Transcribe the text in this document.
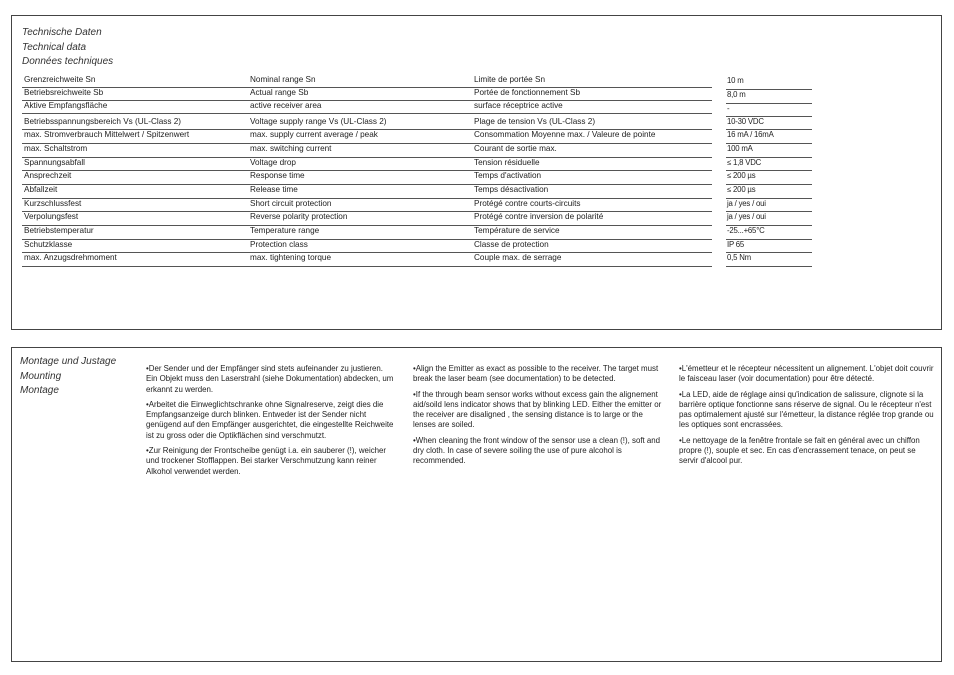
Technische Daten
Technical data
Données techniques
Grenzreichweite Sn	Nominal range Sn	Limite de portée Sn	10 m
Betriebsreichweite Sb	Actual range Sb	Portée de fonctionnement Sb	8,0 m
Aktive Empfangsfläche	active receiver area	surface réceptrice active	-
Betriebsspannungsbereich Vs (UL-Class 2)	Voltage supply range Vs (UL-Class 2)	Plage de tension Vs (UL-Class 2)	10-30 VDC
max. Stromverbrauch Mittelwert / Spitzenwert	max. supply current average / peak	Consommation Moyenne max. / Valeure de pointe	16 mA / 16mA
max. Schaltstrom	max. switching current	Courant de sortie max.	100 mA
Spannungsabfall	Voltage drop	Tension résiduelle	≤ 1,8 VDC
Ansprechzeit	Response time	Temps d'activation	≤ 200 µs
Abfallzeit	Release time	Temps désactivation	≤ 200 µs
Kurzschlussfest	Short circuit protection	Protégé contre courts-circuits	ja / yes / oui
Verpolungsfest	Reverse polarity protection	Protégé contre inversion de polarité	ja / yes / oui
Betriebstemperatur	Temperature range	Température de service	-25...+65°C
Schutzklasse	Protection class	Classe de protection	IP 65
max. Anzugsdrehmoment	max. tightening torque	Couple max. de serrage	0,5 Nm
Montage und Justage
Mounting
Montage

•Der Sender und der Empfänger sind stets aufeinander zu justieren. Ein Objekt muss den Laserstrahl (siehe Dokumentation) abdecken, um erkannt zu werden.

•Arbeitet die Einweglichtschranke ohne Signalreserve, zeigt dies die Empfangsanzeige durch blinken. Entweder ist der Sender nicht genügend auf den Empfänger ausgerichtet, die eingestellte Reichweite ist zu gross oder die Optikflächen sind verschmutzt.

•Zur Reinigung der Frontscheibe genügt i.a. ein sauberer (!), weicher und trockener Stofflappen. Bei starker Verschmutzung kann reiner Alkohol verwendet werden.

•Align the Emitter as exact as possible to the receiver. The target must break the laser beam (see documentation) to be detected.

•If the through beam sensor works without excess gain the alignement aid/soild lens indicator shows that by blinking LED. Either the emitter or the receiver are disaligned , the sensing distance is to large or the lenses are soiled.

•When cleaning the front window of the sensor use a clean (!), soft and dry cloth. In case of severe soiling the use of pure alcohol is recommended.

•L'émetteur et le récepteur nécessitent un alignement. L'objet doit couvrir le faisceau laser (voir documentation) pour être détecté.

•La LED, aide de réglage ainsi qu'indication de salissure, clignote si la barrière optique fonctionne sans réserve de signal. Ou le récepteur n'est pas optimalement ajusté sur l'émetteur, la distance réglée trop grande ou les optiques sont encrassées.

•Le nettoyage de la fenêtre frontale se fait en général avec un chiffon propre (!), souple et sec. En cas d'encrassement tenace, on peut se servir d'alcool pur.
